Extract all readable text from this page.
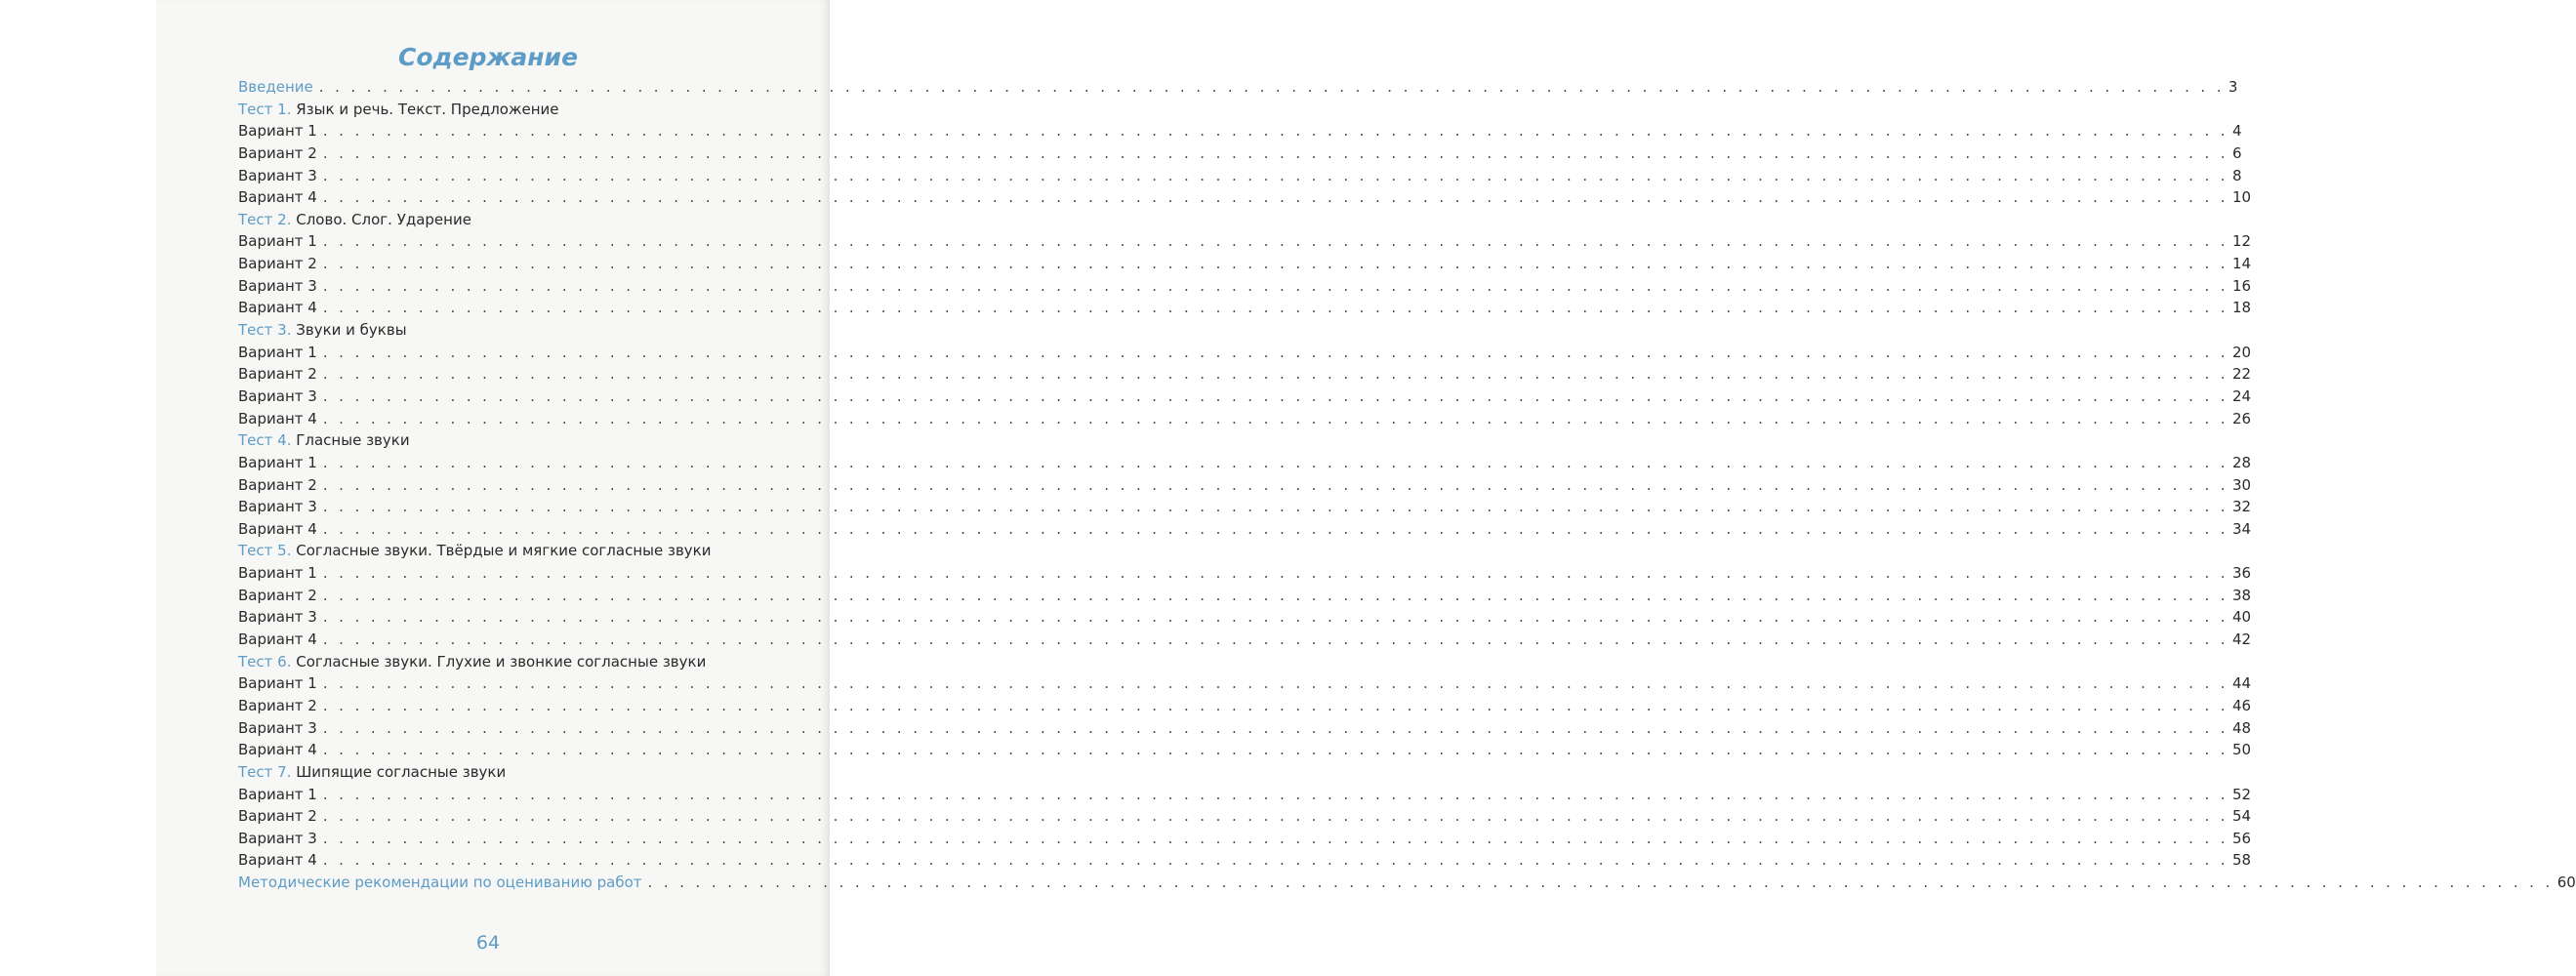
Содержание
Введение . . . . . . . . . . . . . . . . . . . . . . . . . . . . . . . . . . . . . . . . . . . . . . . . . . . . . . . . . . . . . . . . . . . . . . . . . . . . . . . . . . . . . . . . . . . . . . . . . . . . . . . . . . . . . . . . . . . . . . . . 3
Тест 1. Язык и речь. Текст. Предложение
Вариант 1 . . . . . . . . . . . . . . . . . . . . . . . . . . . . . . . . . . . . . . . . . . . . . . . . . . . . . . . . . . . . . . . . . . . . . . . . . . . . . . . . . . . . . . . . . . . . . . . . . . . . . . . . . . . . . . . . . . . . . . . . 4
Вариант 2 . . . . . . . . . . . . . . . . . . . . . . . . . . . . . . . . . . . . . . . . . . . . . . . . . . . . . . . . . . . . . . . . . . . . . . . . . . . . . . . . . . . . . . . . . . . . . . . . . . . . . . . . . . . . . . . . . . . . . . . . 6
Вариант 3 . . . . . . . . . . . . . . . . . . . . . . . . . . . . . . . . . . . . . . . . . . . . . . . . . . . . . . . . . . . . . . . . . . . . . . . . . . . . . . . . . . . . . . . . . . . . . . . . . . . . . . . . . . . . . . . . . . . . . . . . 8
Вариант 4 . . . . . . . . . . . . . . . . . . . . . . . . . . . . . . . . . . . . . . . . . . . . . . . . . . . . . . . . . . . . . . . . . . . . . . . . . . . . . . . . . . . . . . . . . . . . . . . . . . . . . . . . . . . . . . . . . . . . . . . . 10
Тест 2. Слово. Слог. Ударение
Вариант 1 . . . . . . . . . . . . . . . . . . . . . . . . . . . . . . . . . . . . . . . . . . . . . . . . . . . . . . . . . . . . . . . . . . . . . . . . . . . . . . . . . . . . . . . . . . . . . . . . . . . . . . . . . . . . . . . . . . . . . . . . 12
Вариант 2 . . . . . . . . . . . . . . . . . . . . . . . . . . . . . . . . . . . . . . . . . . . . . . . . . . . . . . . . . . . . . . . . . . . . . . . . . . . . . . . . . . . . . . . . . . . . . . . . . . . . . . . . . . . . . . . . . . . . . . . . 14
Вариант 3 . . . . . . . . . . . . . . . . . . . . . . . . . . . . . . . . . . . . . . . . . . . . . . . . . . . . . . . . . . . . . . . . . . . . . . . . . . . . . . . . . . . . . . . . . . . . . . . . . . . . . . . . . . . . . . . . . . . . . . . . 16
Вариант 4 . . . . . . . . . . . . . . . . . . . . . . . . . . . . . . . . . . . . . . . . . . . . . . . . . . . . . . . . . . . . . . . . . . . . . . . . . . . . . . . . . . . . . . . . . . . . . . . . . . . . . . . . . . . . . . . . . . . . . . . . 18
Тест 3. Звуки и буквы
Вариант 1 . . . . . . . . . . . . . . . . . . . . . . . . . . . . . . . . . . . . . . . . . . . . . . . . . . . . . . . . . . . . . . . . . . . . . . . . . . . . . . . . . . . . . . . . . . . . . . . . . . . . . . . . . . . . . . . . . . . . . . . . 20
Вариант 2 . . . . . . . . . . . . . . . . . . . . . . . . . . . . . . . . . . . . . . . . . . . . . . . . . . . . . . . . . . . . . . . . . . . . . . . . . . . . . . . . . . . . . . . . . . . . . . . . . . . . . . . . . . . . . . . . . . . . . . . . 22
Вариант 3 . . . . . . . . . . . . . . . . . . . . . . . . . . . . . . . . . . . . . . . . . . . . . . . . . . . . . . . . . . . . . . . . . . . . . . . . . . . . . . . . . . . . . . . . . . . . . . . . . . . . . . . . . . . . . . . . . . . . . . . . 24
Вариант 4 . . . . . . . . . . . . . . . . . . . . . . . . . . . . . . . . . . . . . . . . . . . . . . . . . . . . . . . . . . . . . . . . . . . . . . . . . . . . . . . . . . . . . . . . . . . . . . . . . . . . . . . . . . . . . . . . . . . . . . . . 26
Тест 4. Гласные звуки
Вариант 1 . . . . . . . . . . . . . . . . . . . . . . . . . . . . . . . . . . . . . . . . . . . . . . . . . . . . . . . . . . . . . . . . . . . . . . . . . . . . . . . . . . . . . . . . . . . . . . . . . . . . . . . . . . . . . . . . . . . . . . . . 28
Вариант 2 . . . . . . . . . . . . . . . . . . . . . . . . . . . . . . . . . . . . . . . . . . . . . . . . . . . . . . . . . . . . . . . . . . . . . . . . . . . . . . . . . . . . . . . . . . . . . . . . . . . . . . . . . . . . . . . . . . . . . . . . 30
Вариант 3 . . . . . . . . . . . . . . . . . . . . . . . . . . . . . . . . . . . . . . . . . . . . . . . . . . . . . . . . . . . . . . . . . . . . . . . . . . . . . . . . . . . . . . . . . . . . . . . . . . . . . . . . . . . . . . . . . . . . . . . . 32
Вариант 4 . . . . . . . . . . . . . . . . . . . . . . . . . . . . . . . . . . . . . . . . . . . . . . . . . . . . . . . . . . . . . . . . . . . . . . . . . . . . . . . . . . . . . . . . . . . . . . . . . . . . . . . . . . . . . . . . . . . . . . . . 34
Тест 5. Согласные звуки. Твёрдые и мягкие согласные звуки
Вариант 1 . . . . . . . . . . . . . . . . . . . . . . . . . . . . . . . . . . . . . . . . . . . . . . . . . . . . . . . . . . . . . . . . . . . . . . . . . . . . . . . . . . . . . . . . . . . . . . . . . . . . . . . . . . . . . . . . . . . . . . . . 36
Вариант 2 . . . . . . . . . . . . . . . . . . . . . . . . . . . . . . . . . . . . . . . . . . . . . . . . . . . . . . . . . . . . . . . . . . . . . . . . . . . . . . . . . . . . . . . . . . . . . . . . . . . . . . . . . . . . . . . . . . . . . . . . 38
Вариант 3 . . . . . . . . . . . . . . . . . . . . . . . . . . . . . . . . . . . . . . . . . . . . . . . . . . . . . . . . . . . . . . . . . . . . . . . . . . . . . . . . . . . . . . . . . . . . . . . . . . . . . . . . . . . . . . . . . . . . . . . . 40
Вариант 4 . . . . . . . . . . . . . . . . . . . . . . . . . . . . . . . . . . . . . . . . . . . . . . . . . . . . . . . . . . . . . . . . . . . . . . . . . . . . . . . . . . . . . . . . . . . . . . . . . . . . . . . . . . . . . . . . . . . . . . . . 42
Тест 6. Согласные звуки. Глухие и звонкие согласные звуки
Вариант 1 . . . . . . . . . . . . . . . . . . . . . . . . . . . . . . . . . . . . . . . . . . . . . . . . . . . . . . . . . . . . . . . . . . . . . . . . . . . . . . . . . . . . . . . . . . . . . . . . . . . . . . . . . . . . . . . . . . . . . . . . 44
Вариант 2 . . . . . . . . . . . . . . . . . . . . . . . . . . . . . . . . . . . . . . . . . . . . . . . . . . . . . . . . . . . . . . . . . . . . . . . . . . . . . . . . . . . . . . . . . . . . . . . . . . . . . . . . . . . . . . . . . . . . . . . . 46
Вариант 3 . . . . . . . . . . . . . . . . . . . . . . . . . . . . . . . . . . . . . . . . . . . . . . . . . . . . . . . . . . . . . . . . . . . . . . . . . . . . . . . . . . . . . . . . . . . . . . . . . . . . . . . . . . . . . . . . . . . . . . . . 48
Вариант 4 . . . . . . . . . . . . . . . . . . . . . . . . . . . . . . . . . . . . . . . . . . . . . . . . . . . . . . . . . . . . . . . . . . . . . . . . . . . . . . . . . . . . . . . . . . . . . . . . . . . . . . . . . . . . . . . . . . . . . . . . 50
Тест 7. Шипящие согласные звуки
Вариант 1 . . . . . . . . . . . . . . . . . . . . . . . . . . . . . . . . . . . . . . . . . . . . . . . . . . . . . . . . . . . . . . . . . . . . . . . . . . . . . . . . . . . . . . . . . . . . . . . . . . . . . . . . . . . . . . . . . . . . . . . . 52
Вариант 2 . . . . . . . . . . . . . . . . . . . . . . . . . . . . . . . . . . . . . . . . . . . . . . . . . . . . . . . . . . . . . . . . . . . . . . . . . . . . . . . . . . . . . . . . . . . . . . . . . . . . . . . . . . . . . . . . . . . . . . . . 54
Вариант 3 . . . . . . . . . . . . . . . . . . . . . . . . . . . . . . . . . . . . . . . . . . . . . . . . . . . . . . . . . . . . . . . . . . . . . . . . . . . . . . . . . . . . . . . . . . . . . . . . . . . . . . . . . . . . . . . . . . . . . . . . 56
Вариант 4 . . . . . . . . . . . . . . . . . . . . . . . . . . . . . . . . . . . . . . . . . . . . . . . . . . . . . . . . . . . . . . . . . . . . . . . . . . . . . . . . . . . . . . . . . . . . . . . . . . . . . . . . . . . . . . . . . . . . . . . . 58
Методические рекомендации по оцениванию работ . . . . . . . . . . . . . . . . . . . . . . . . . . . . . . . . . . . . . . . . . . . . . . . . . . . . . . . . . . . . . . . . . . . . . . . . . . . . . . . . . . . . . . . . . . . . . . . . . . . . . . . . . . . . . . . . . . . . . . . . 60
64
